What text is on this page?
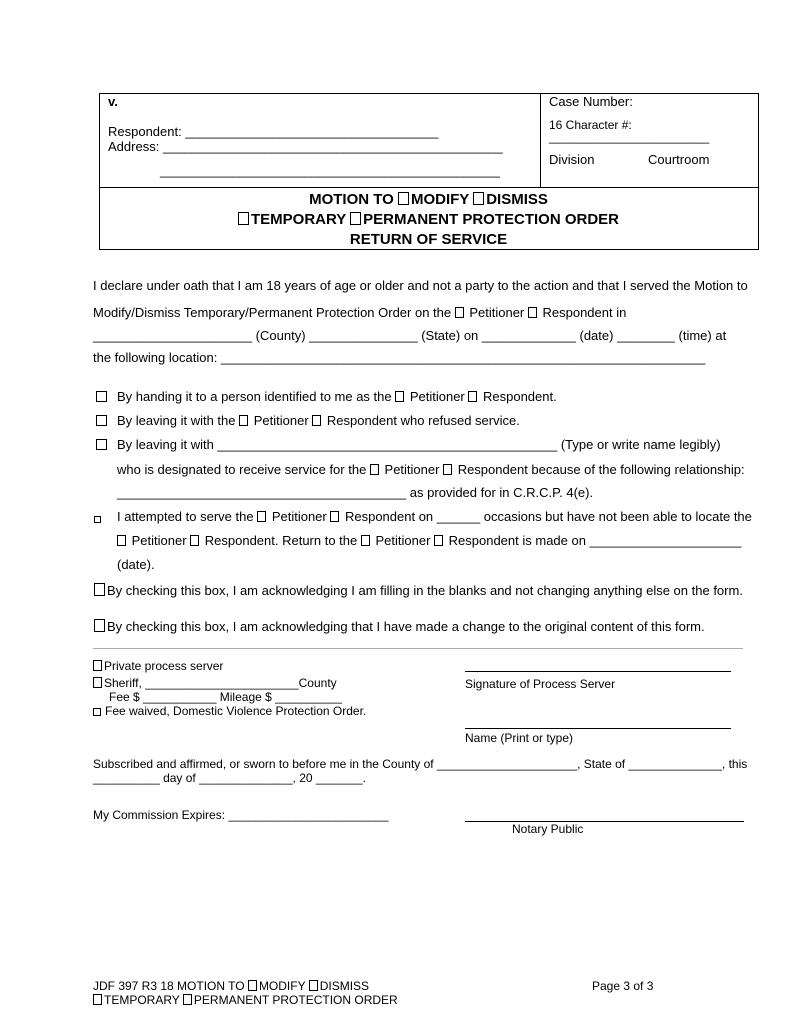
v.
Respondent: ___________________________________
Address: _______________________________________________
_______________________________________________
Case Number:
16 Character #:
________________________
Division	Courtroom
MOTION TO MODIFY DISMISS
TEMPORARY PERMANENT PROTECTION ORDER
RETURN OF SERVICE
I declare under oath that I am 18 years of age or older and not a party to the action and that I served the Motion to
Modify/Dismiss Temporary/Permanent Protection Order on the  Petitioner  Respondent in
______________________ (County) _______________ (State) on _____________ (date) ________ (time) at
the following location: ___________________________________________________________________
By handing it to a person identified to me as the  Petitioner  Respondent.
By leaving it with the  Petitioner  Respondent who refused service.
By leaving it with _______________________________________________ (Type or write name legibly)
who is designated to receive service for the  Petitioner  Respondent because of the following relationship:
________________________________________ as provided for in C.R.C.P. 4(e).
I attempted to serve the  Petitioner  Respondent on ______ occasions but have not been able to locate the
Petitioner  Respondent. Return to the  Petitioner  Respondent is made on _____________________
(date).
By checking this box, I am acknowledging I am filling in the blanks and not changing anything else on the form.
By checking this box, I am acknowledging that I have made a change to the original content of this form.
Private process server
Sheriff, _______________________County
Fee $ ___________ Mileage $ __________
Fee waived, Domestic Violence Protection Order.
Signature of Process Server
Name (Print or type)
Subscribed and affirmed, or sworn to before me in the County of _____________________, State of ______________, this
__________ day of ______________, 20 _______.
My Commission Expires: ________________________
Notary Public
JDF 397 R3 18 MOTION TO MODIFY DISMISS
TEMPORARY PERMANENT PROTECTION ORDER
Page 3 of 3
